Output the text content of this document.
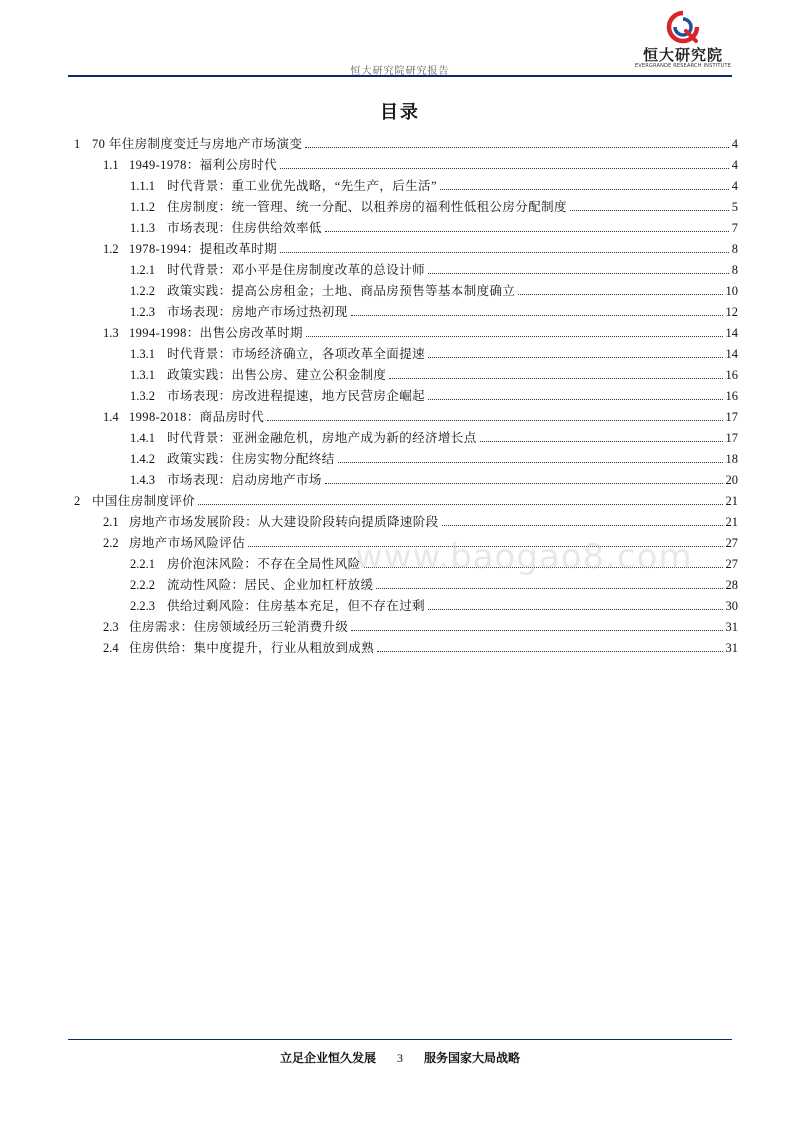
恒大研究院研究报告
恒大研究院
EVERGRANDE RESEARCH INSTITUTE
目录
1 70 年住房制度变迁与房地产市场演变	4
1.1 1949-1978：福利公房时代	4
1.1.1 时代背景：重工业优先战略，“先生产，后生活”	4
1.1.2 住房制度：统一管理、统一分配、以租养房的福利性低租公房分配制度	5
1.1.3 市场表现：住房供给效率低	7
1.2 1978-1994：提租改革时期	8
1.2.1 时代背景：邓小平是住房制度改革的总设计师	8
1.2.2 政策实践：提高公房租金；土地、商品房预售等基本制度确立	10
1.2.3 市场表现：房地产市场过热初现	12
1.3 1994-1998：出售公房改革时期	14
1.3.1 时代背景：市场经济确立，各项改革全面提速	14
1.3.1 政策实践：出售公房、建立公积金制度	16
1.3.2 市场表现：房改进程提速，地方民营房企崛起	16
1.4 1998-2018：商品房时代	17
1.4.1 时代背景：亚洲金融危机，房地产成为新的经济增长点	17
1.4.2 政策实践：住房实物分配终结	18
1.4.3 市场表现：启动房地产市场	20
2 中国住房制度评价	21
2.1 房地产市场发展阶段：从大建设阶段转向提质降速阶段	21
2.2 房地产市场风险评估	27
2.2.1 房价泡沫风险：不存在全局性风险	27
2.2.2 流动性风险：居民、企业加杠杆放缓	28
2.2.3 供给过剩风险：住房基本充足，但不存在过剩	30
2.3 住房需求：住房领域经历三轮消费升级	31
2.4 住房供给：集中度提升，行业从粗放到成熟	31
www.baogao8.com
立足企业恒久发展 3 服务国家大局战略
